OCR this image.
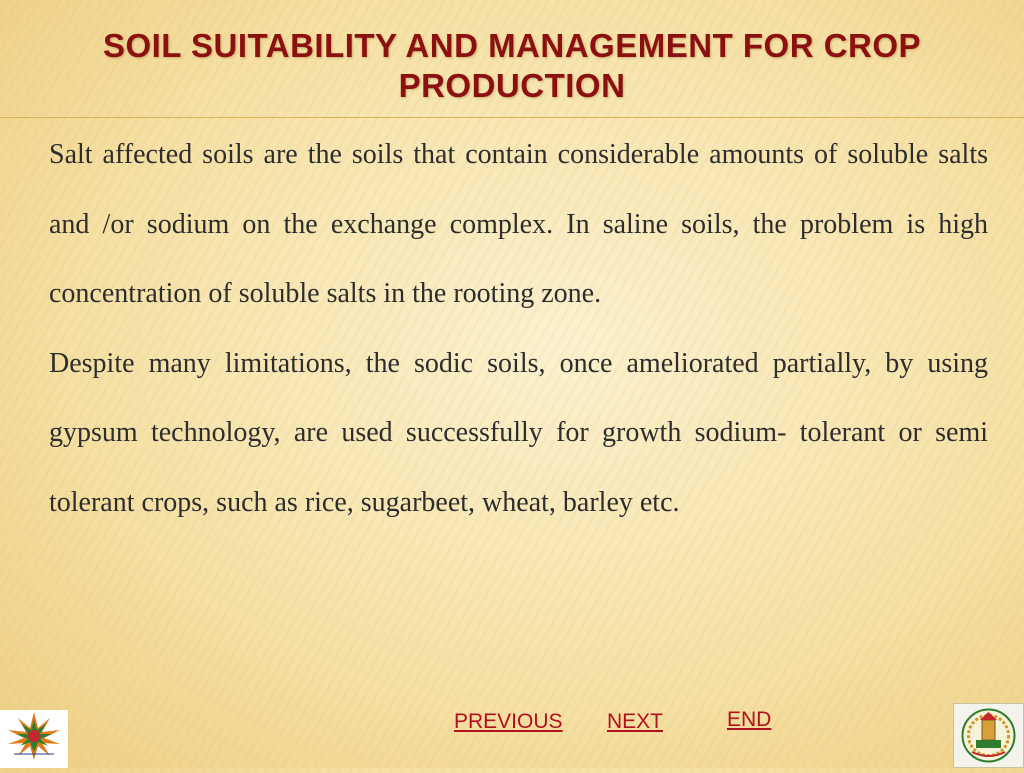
SOIL SUITABILITY AND MANAGEMENT FOR CROP PRODUCTION

Salt affected soils are the soils that contain considerable amounts of soluble salts and /or sodium on the exchange complex. In saline soils, the problem is high concentration of soluble salts in the rooting zone.

Despite many limitations, the sodic soils, once ameliorated partially, by using gypsum technology, are used successfully for growth sodium- tolerant or semi tolerant crops, such as rice, sugarbeet, wheat, barley etc.

PREVIOUS NEXT	END
